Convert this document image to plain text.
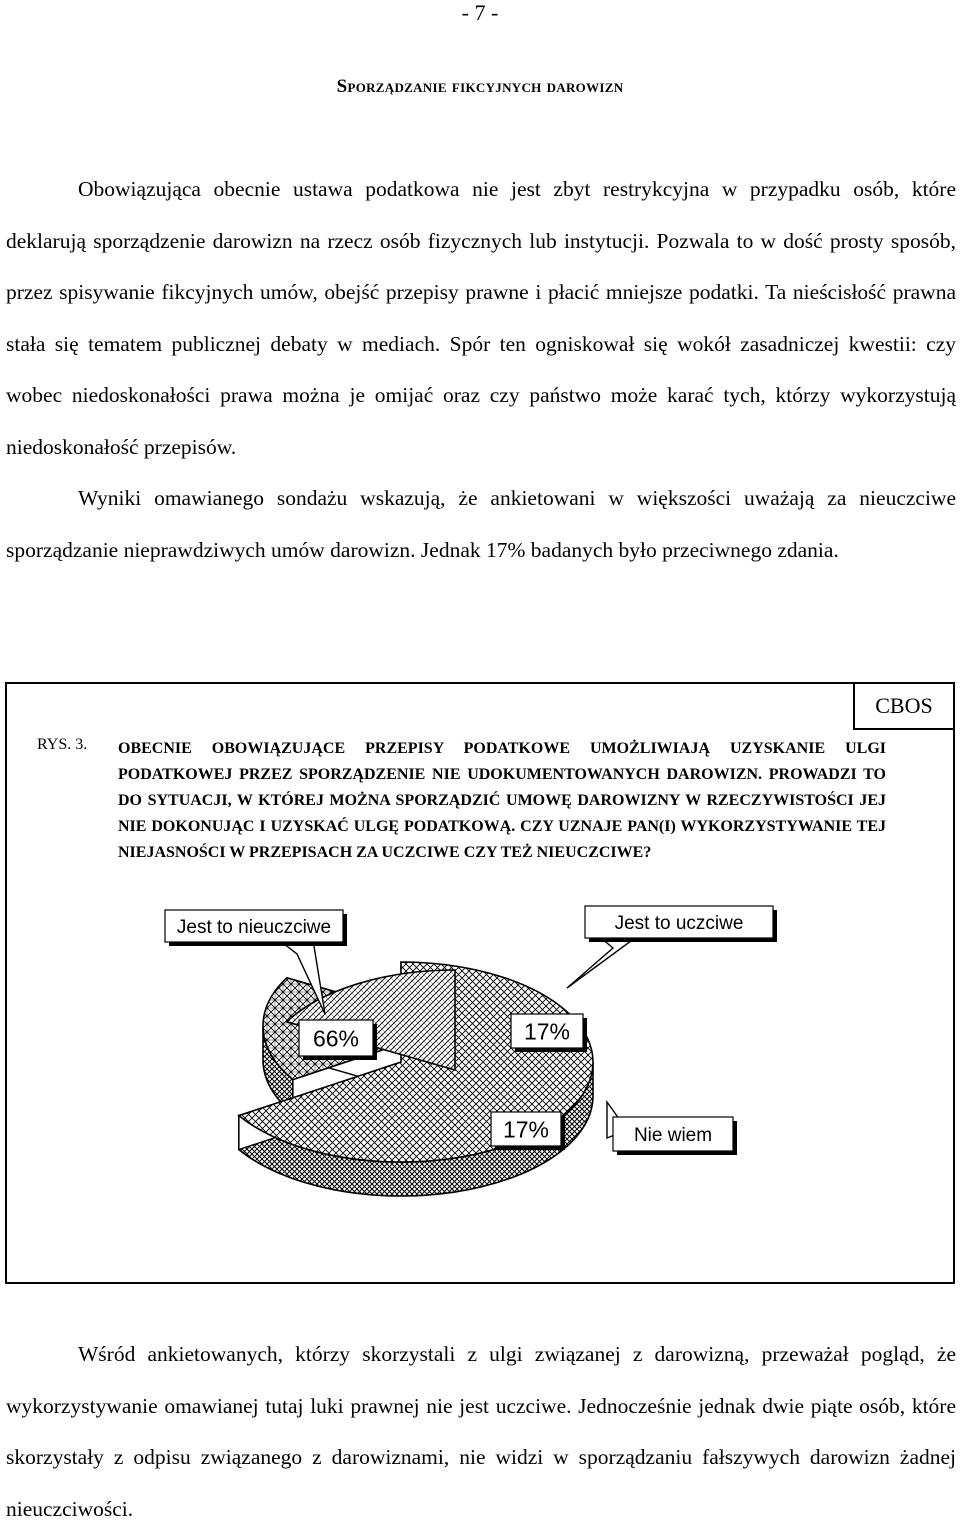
- 7 -
Sporządzanie fikcyjnych darowizn

Obowiązująca obecnie ustawa podatkowa nie jest zbyt restrykcyjna w przypadku osób, które deklarują sporządzenie darowizn na rzecz osób fizycznych lub instytucji. Pozwala to w dość prosty sposób, przez spisywanie fikcyjnych umów, obejść przepisy prawne i płacić mniejsze podatki. Ta nieścisłość prawna stała się tematem publicznej debaty w mediach. Spór ten ogniskował się wokół zasadniczej kwestii: czy wobec niedoskonałości prawa można je omijać oraz czy państwo może karać tych, którzy wykorzystują niedoskonałość przepisów.

Wyniki omawianego sondażu wskazują, że ankietowani w większości uważają za nieuczciwe sporządzanie nieprawdziwych umów darowizn. Jednak 17% badanych było przeciwnego zdania.

CBOS
RYS. 3. OBECNIE OBOWIĄZUJĄCE PRZEPISY PODATKOWE UMOŻLIWIAJĄ UZYSKANIE ULGI PODATKOWEJ PRZEZ SPORZĄDZENIE NIE UDOKUMENTOWANYCH DAROWIZN. PROWADZI TO DO SYTUACJI, W KTÓREJ MOŻNA SPORZĄDZIĆ UMOWĘ DAROWIZNY W RZECZYWISTOŚCI JEJ NIE DOKONUJĄC I UZYSKAĆ ULGĘ PODATKOWĄ. CZY UZNAJE PAN(I) WYKORZYSTYWANIE TEJ NIEJASNOŚCI W PRZEPISACH ZA UCZCIWE CZY TEŻ NIEUCZCIWE?

66%	17%
17%
Jest to nieuczciwe	Jest to uczciwe
Nie wiem

Wśród ankietowanych, którzy skorzystali z ulgi związanej z darowizną, przeważał pogląd, że wykorzystywanie omawianej tutaj luki prawnej nie jest uczciwe. Jednocześnie jednak dwie piąte osób, które skorzystały z odpisu związanego z darowiznami, nie widzi w sporządzaniu fałszywych darowizn żadnej nieuczciwości.
